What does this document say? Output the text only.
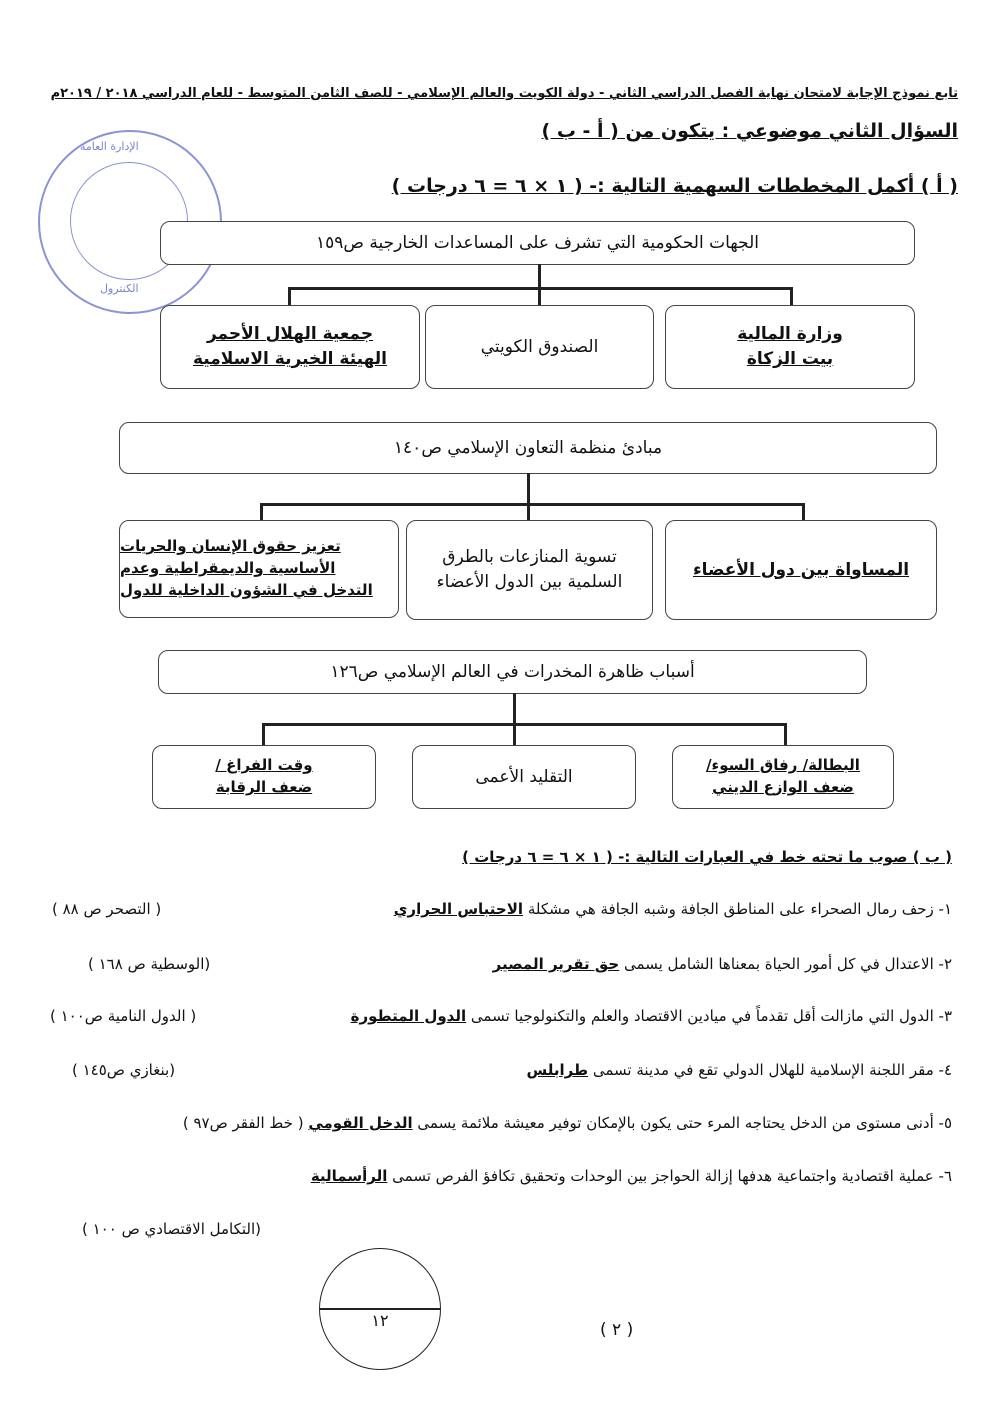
الإدارة العامة
الكنترول
تابع نموذج الإجابة لامتحان نهاية الفصل الدراسي الثاني - دولة الكويت والعالم الإسلامي - للصف الثامن المتوسط - للعام الدراسي ٢٠١٨ / ٢٠١٩م
السؤال الثاني موضوعي : يتكون من ( أ - ب )
( أ ) أكمل المخططات السهمية التالية :- ( ١ × ٦ = ٦ درجات )
الجهات الحكومية التي تشرف على المساعدات الخارجية ص١٥٩
وزارة المالية
بيت الزكاة
الصندوق الكويتي
جمعية الهلال الأحمر
الهيئة الخيرية الاسلامية
مبادئ منظمة التعاون الإسلامي ص١٤٠
المساواة بين دول الأعضاء
تسوية المنازعات بالطرق
السلمية بين الدول الأعضاء
تعزيز حقوق الإنسان والحريات
الأساسية والديمقراطية وعدم
التدخل في الشؤون الداخلية للدول
أسباب ظاهرة المخدرات في العالم الإسلامي ص١٢٦
البطالة/ رفاق السوء/
ضعف الوازع الديني
التقليد الأعمى
وقت الفراغ /
ضعف الرقابة
( ب ) صوب ما تحته خط في العبارات التالية :- ( ١ × ٦ = ٦ درجات )
١- زحف رمال الصحراء على المناطق الجافة وشبه الجافة هي مشكلة الاحتباس الحراري
( التصحر ص ٨٨ )
٢- الاعتدال في كل أمور الحياة بمعناها الشامل يسمى حق تقرير المصير
(الوسطية ص ١٦٨ )
٣- الدول التي مازالت أقل تقدماً في ميادين الاقتصاد والعلم والتكنولوجيا تسمى الدول المتطورة
( الدول النامية ص١٠٠ )
٤- مقر اللجنة الإسلامية للهلال الدولي تقع في مدينة تسمى طرابلس
(بنغازي ص١٤٥ )
٥- أدنى مستوى من الدخل يحتاجه المرء حتى يكون بالإمكان توفير معيشة ملائمة يسمى الدخل القومي ( خط الفقر ص٩٧ )
٦- عملية اقتصادية واجتماعية هدفها إزالة الحواجز بين الوحدات وتحقيق تكافؤ الفرص تسمى الرأسمالية
(التكامل الاقتصادي ص ١٠٠ )
١٢	( ٢ )
